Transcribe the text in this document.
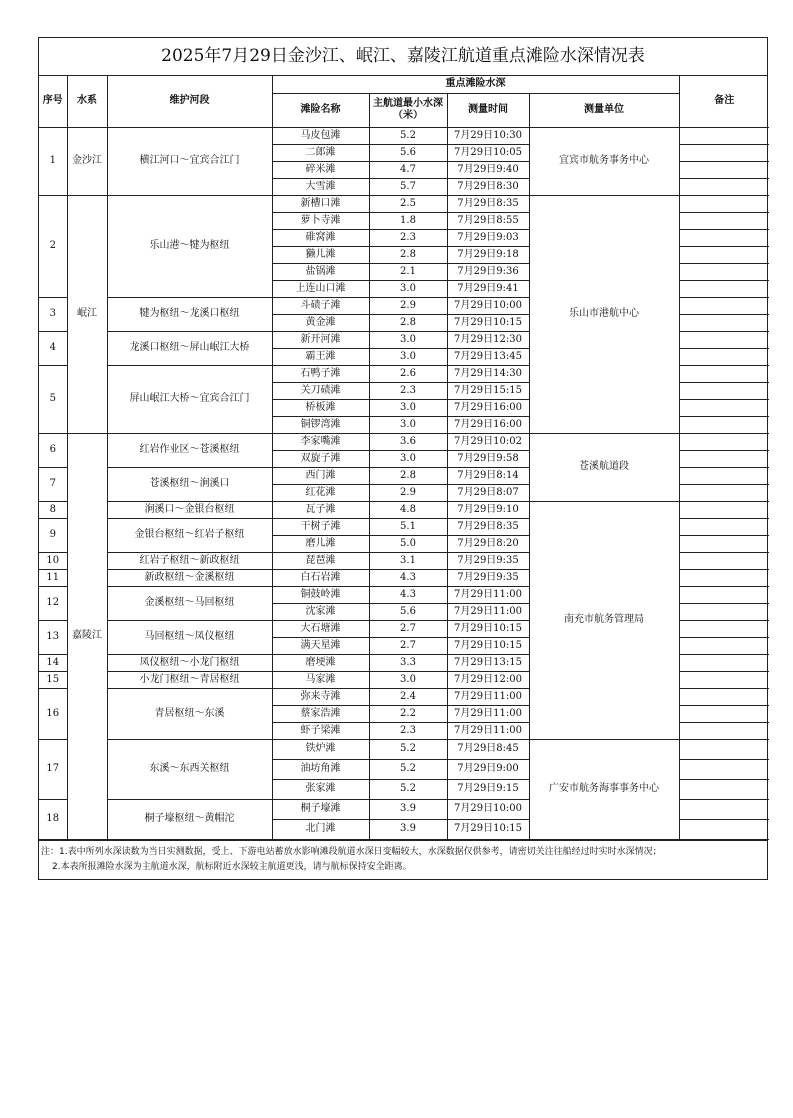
2025年7月29日金沙江、岷江、嘉陵江航道重点滩险水深情况表
序号	水系	维护河段	重点滩险水深				备注
			滩险名称	主航道最小水深（米）	测量时间	测量单位	
1	金沙江	横江河口～宜宾合江门	马皮包滩	5.2	7月29日10:30	宜宾市航务事务中心	
			二郎滩	5.6	7月29日10:05		
			碎米滩	4.7	7月29日9:40		
			大雪滩	5.7	7月29日8:30		
2	岷江	乐山港～犍为枢纽	新槽口滩	2.5	7月29日8:35	乐山市港航中心	
			萝卜寺滩	1.8	7月29日8:55		
			碓窝滩	2.3	7月29日9:03		
			獭儿滩	2.8	7月29日9:18		
			盐锅滩	2.1	7月29日9:36		
			上连山口滩	3.0	7月29日9:41		
3		犍为枢纽～龙溪口枢纽	斗碛子滩	2.9	7月29日10:00		
			黄金滩	2.8	7月29日10:15		
4		龙溪口枢纽～屏山岷江大桥	新开河滩	3.0	7月29日12:30		
			霸王滩	3.0	7月29日13:45		
5		屏山岷江大桥～宜宾合江门	石鸭子滩	2.6	7月29日14:30		
			关刀碛滩	2.3	7月29日15:15		
			桥板滩	3.0	7月29日16:00		
			铜锣湾滩	3.0	7月29日16:00		
6	嘉陵江	红岩作业区～苍溪枢纽	李家嘴滩	3.6	7月29日10:02	苍溪航道段	
			双旋子滩	3.0	7月29日9:58		
7		苍溪枢纽～涧溪口	西门滩	2.8	7月29日8:14		
			红花滩	2.9	7月29日8:07		
8		涧溪口～金银台枢纽	瓦子滩	4.8	7月29日9:10	南充市航务管理局	
9		金银台枢纽～红岩子枢纽	干树子滩	5.1	7月29日8:35		
			磨儿滩	5.0	7月29日8:20		
10		红岩子枢纽～新政枢纽	琵琶滩	3.1	7月29日9:35		
11		新政枢纽～金溪枢纽	白石岩滩	4.3	7月29日9:35		
12		金溪枢纽～马回枢纽	铜鼓岭滩	4.3	7月29日11:00		
			沈家滩	5.6	7月29日11:00		
13		马回枢纽～凤仪枢纽	大石塘滩	2.7	7月29日10:15		
			满天星滩	2.7	7月29日10:15		
14		凤仪枢纽～小龙门枢纽	磨埂滩	3.3	7月29日13:15		
15		小龙门枢纽～青居枢纽	马家滩	3.0	7月29日12:00		
16		青居枢纽～东溪	弥来寺滩	2.4	7月29日11:00		
			蔡家浩滩	2.2	7月29日11:00		
			虾子梁滩	2.3	7月29日11:00		
17		东溪～东西关枢纽	铁炉滩	5.2	7月29日8:45	广安市航务海事事务中心	
			油坊角滩	5.2	7月29日9:00		
			张家滩	5.2	7月29日9:15		
18		桐子壕枢纽～黄帽沱	桐子壕滩	3.9	7月29日10:00		
			北门滩	3.9	7月29日10:15		
注：1.表中所列水深读数为当日实测数据，受上、下游电站蓄放水影响滩段航道水深日变幅较大，水深数据仅供参考，请密切关注往船经过时实时水深情况；
2.本表所报滩险水深为主航道水深，航标附近水深较主航道更浅，请与航标保持安全距离。
